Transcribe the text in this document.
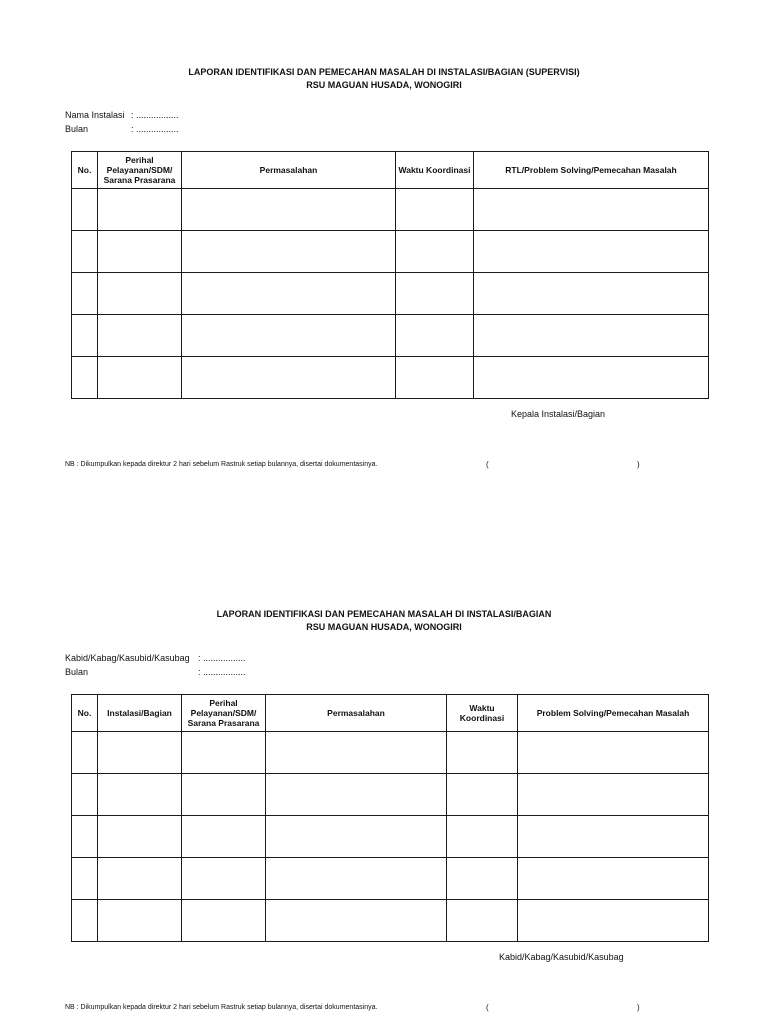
LAPORAN IDENTIFIKASI DAN PEMECAHAN MASALAH DI INSTALASI/BAGIAN (SUPERVISI)
RSU MAGUAN HUSADA, WONOGIRI
Nama Instalasi : .................
Bulan	: .................
No.	Perihal Pelayanan/SDM/ Sarana Prasarana	Permasalahan	Waktu Koordinasi	RTL/Problem Solving/Pemecahan Masalah

Kepala Instalasi/Bagian
NB : Dikumpulkan kepada direktur 2 hari sebelum Rastruk setiap bulannya, disertai dokumentasinya.	(	)
LAPORAN IDENTIFIKASI DAN PEMECAHAN MASALAH DI INSTALASI/BAGIAN
RSU MAGUAN HUSADA, WONOGIRI
Kabid/Kabag/Kasubid/Kasubag : .................
Bulan	: .................
No.	Instalasi/Bagian	Perihal Pelayanan/SDM/ Sarana Prasarana	Permasalahan	Waktu Koordinasi	Problem Solving/Pemecahan Masalah

Kabid/Kabag/Kasubid/Kasubag
NB : Dikumpulkan kepada direktur 2 hari sebelum Rastruk setiap bulannya, disertai dokumentasinya.	(	)
